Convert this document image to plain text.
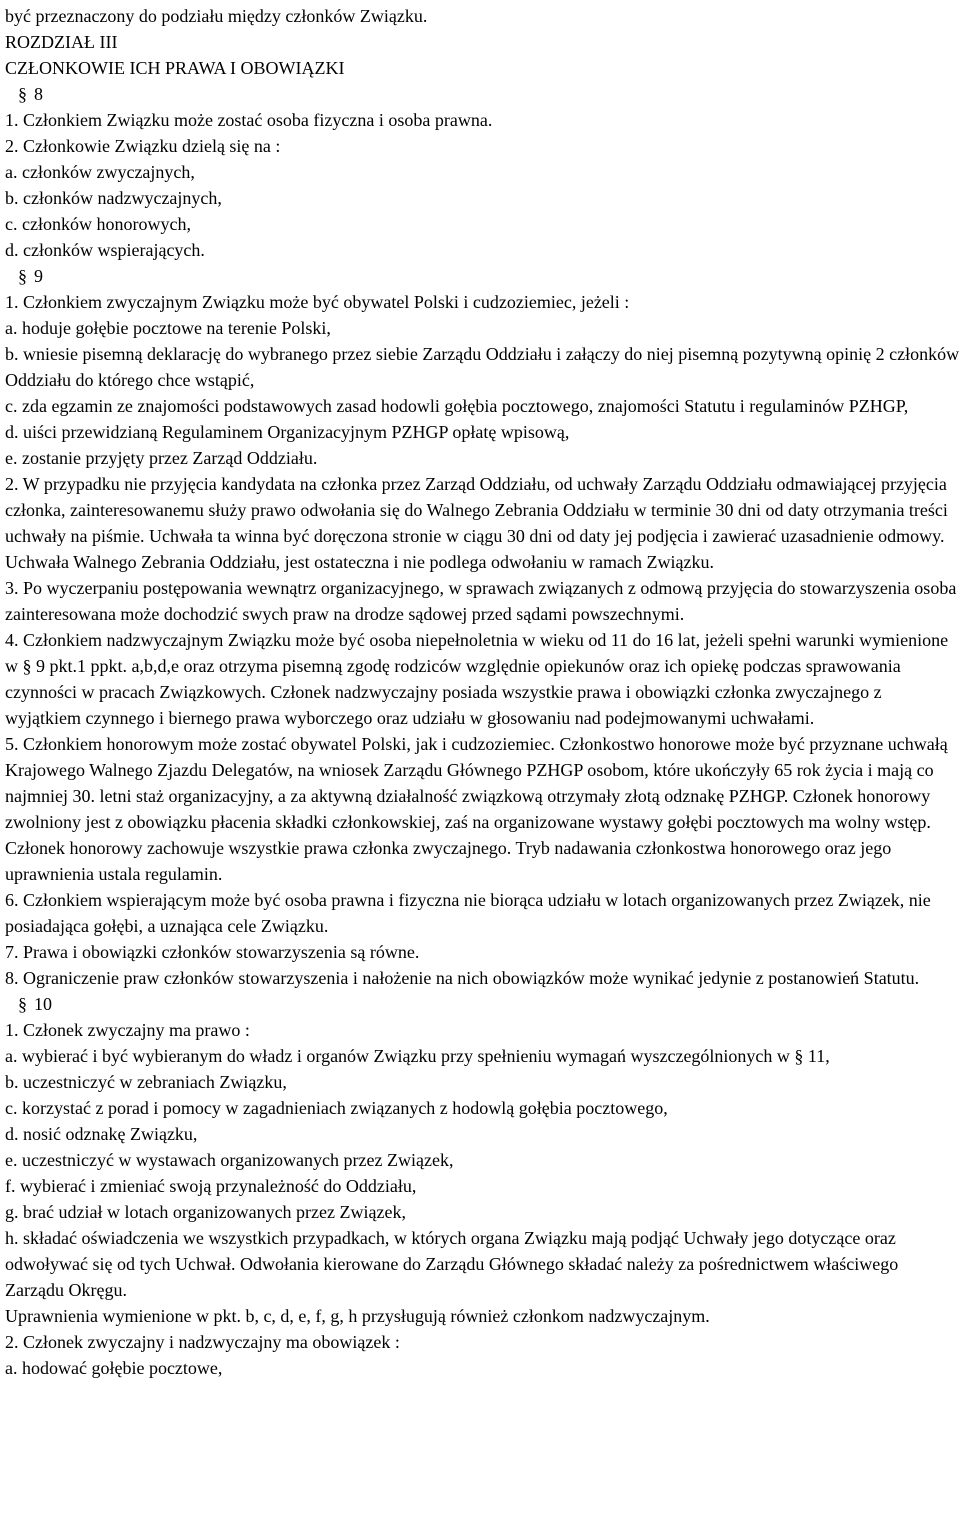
być przeznaczony do podziału między członków Związku.
ROZDZIAŁ III
CZŁONKOWIE ICH PRAWA I OBOWIĄZKI
§ 8
1. Członkiem Związku może zostać osoba fizyczna i osoba prawna.
2. Członkowie Związku dzielą się na :
a. członków zwyczajnych,
b. członków nadzwyczajnych,
c. członków honorowych,
d. członków wspierających.
§ 9
1. Członkiem zwyczajnym Związku może być obywatel Polski i cudzoziemiec, jeżeli :
a. hoduje gołębie pocztowe na terenie Polski,
b. wniesie pisemną deklarację do wybranego przez siebie Zarządu Oddziału i załączy do niej pisemną pozytywną opinię 2 członków Oddziału do którego chce wstąpić,
c. zda egzamin ze znajomości podstawowych zasad hodowli gołębia pocztowego, znajomości Statutu i regulaminów PZHGP,
d. uiści przewidzianą Regulaminem Organizacyjnym PZHGP opłatę wpisową,
e. zostanie przyjęty przez Zarząd Oddziału.
2. W przypadku nie przyjęcia kandydata na członka przez Zarząd Oddziału, od uchwały Zarządu Oddziału odmawiającej przyjęcia członka, zainteresowanemu służy prawo odwołania się do Walnego Zebrania Oddziału w terminie 30 dni od daty otrzymania treści uchwały na piśmie. Uchwała ta winna być doręczona stronie w ciągu 30 dni od daty jej podjęcia i zawierać uzasadnienie odmowy. Uchwała Walnego Zebrania Oddziału, jest ostateczna i nie podlega odwołaniu w ramach Związku.
3. Po wyczerpaniu postępowania wewnątrz organizacyjnego, w sprawach związanych z odmową przyjęcia do stowarzyszenia osoba zainteresowana może dochodzić swych praw na drodze sądowej przed sądami powszechnymi.
4. Członkiem nadzwyczajnym Związku może być osoba niepełnoletnia w wieku od 11 do 16 lat, jeżeli spełni warunki wymienione w § 9 pkt.1 ppkt. a,b,d,e oraz otrzyma pisemną zgodę rodziców względnie opiekunów oraz ich opiekę podczas sprawowania czynności w pracach Związkowych. Członek nadzwyczajny posiada wszystkie prawa i obowiązki członka zwyczajnego z wyjątkiem czynnego i biernego prawa wyborczego oraz udziału w głosowaniu nad podejmowanymi uchwałami.
5. Członkiem honorowym może zostać obywatel Polski, jak i cudzoziemiec. Członkostwo honorowe może być przyznane uchwałą Krajowego Walnego Zjazdu Delegatów, na wniosek Zarządu Głównego PZHGP osobom, które ukończyły 65 rok życia i mają co najmniej 30. letni staż organizacyjny, a za aktywną działalność związkową otrzymały złotą odznakę PZHGP. Członek honorowy zwolniony jest z obowiązku płacenia składki członkowskiej, zaś na organizowane wystawy gołębi pocztowych ma wolny wstęp. Członek honorowy zachowuje wszystkie prawa członka zwyczajnego. Tryb nadawania członkostwa honorowego oraz jego uprawnienia ustala regulamin.
6. Członkiem wspierającym może być osoba prawna i fizyczna nie biorąca udziału w lotach organizowanych przez Związek, nie posiadająca gołębi, a uznająca cele Związku.
7. Prawa i obowiązki członków stowarzyszenia są równe.
8. Ograniczenie praw członków stowarzyszenia i nałożenie na nich obowiązków może wynikać jedynie z postanowień Statutu.
§ 10
1. Członek zwyczajny ma prawo :
a. wybierać i być wybieranym do władz i organów Związku przy spełnieniu wymagań wyszczególnionych w § 11,
b. uczestniczyć w zebraniach Związku,
c. korzystać z porad i pomocy w zagadnieniach związanych z hodowlą gołębia pocztowego,
d. nosić odznakę Związku,
e. uczestniczyć w wystawach organizowanych przez Związek,
f. wybierać i zmieniać swoją przynależność do Oddziału,
g. brać udział w lotach organizowanych przez Związek,
h. składać oświadczenia we wszystkich przypadkach, w których organa Związku mają podjąć Uchwały jego dotyczące oraz odwoływać się od tych Uchwał. Odwołania kierowane do Zarządu Głównego składać należy za pośrednictwem właściwego Zarządu Okręgu.
Uprawnienia wymienione w pkt. b, c, d, e, f, g, h przysługują również członkom nadzwyczajnym.
2. Członek zwyczajny i nadzwyczajny ma obowiązek :
a. hodować gołębie pocztowe,
